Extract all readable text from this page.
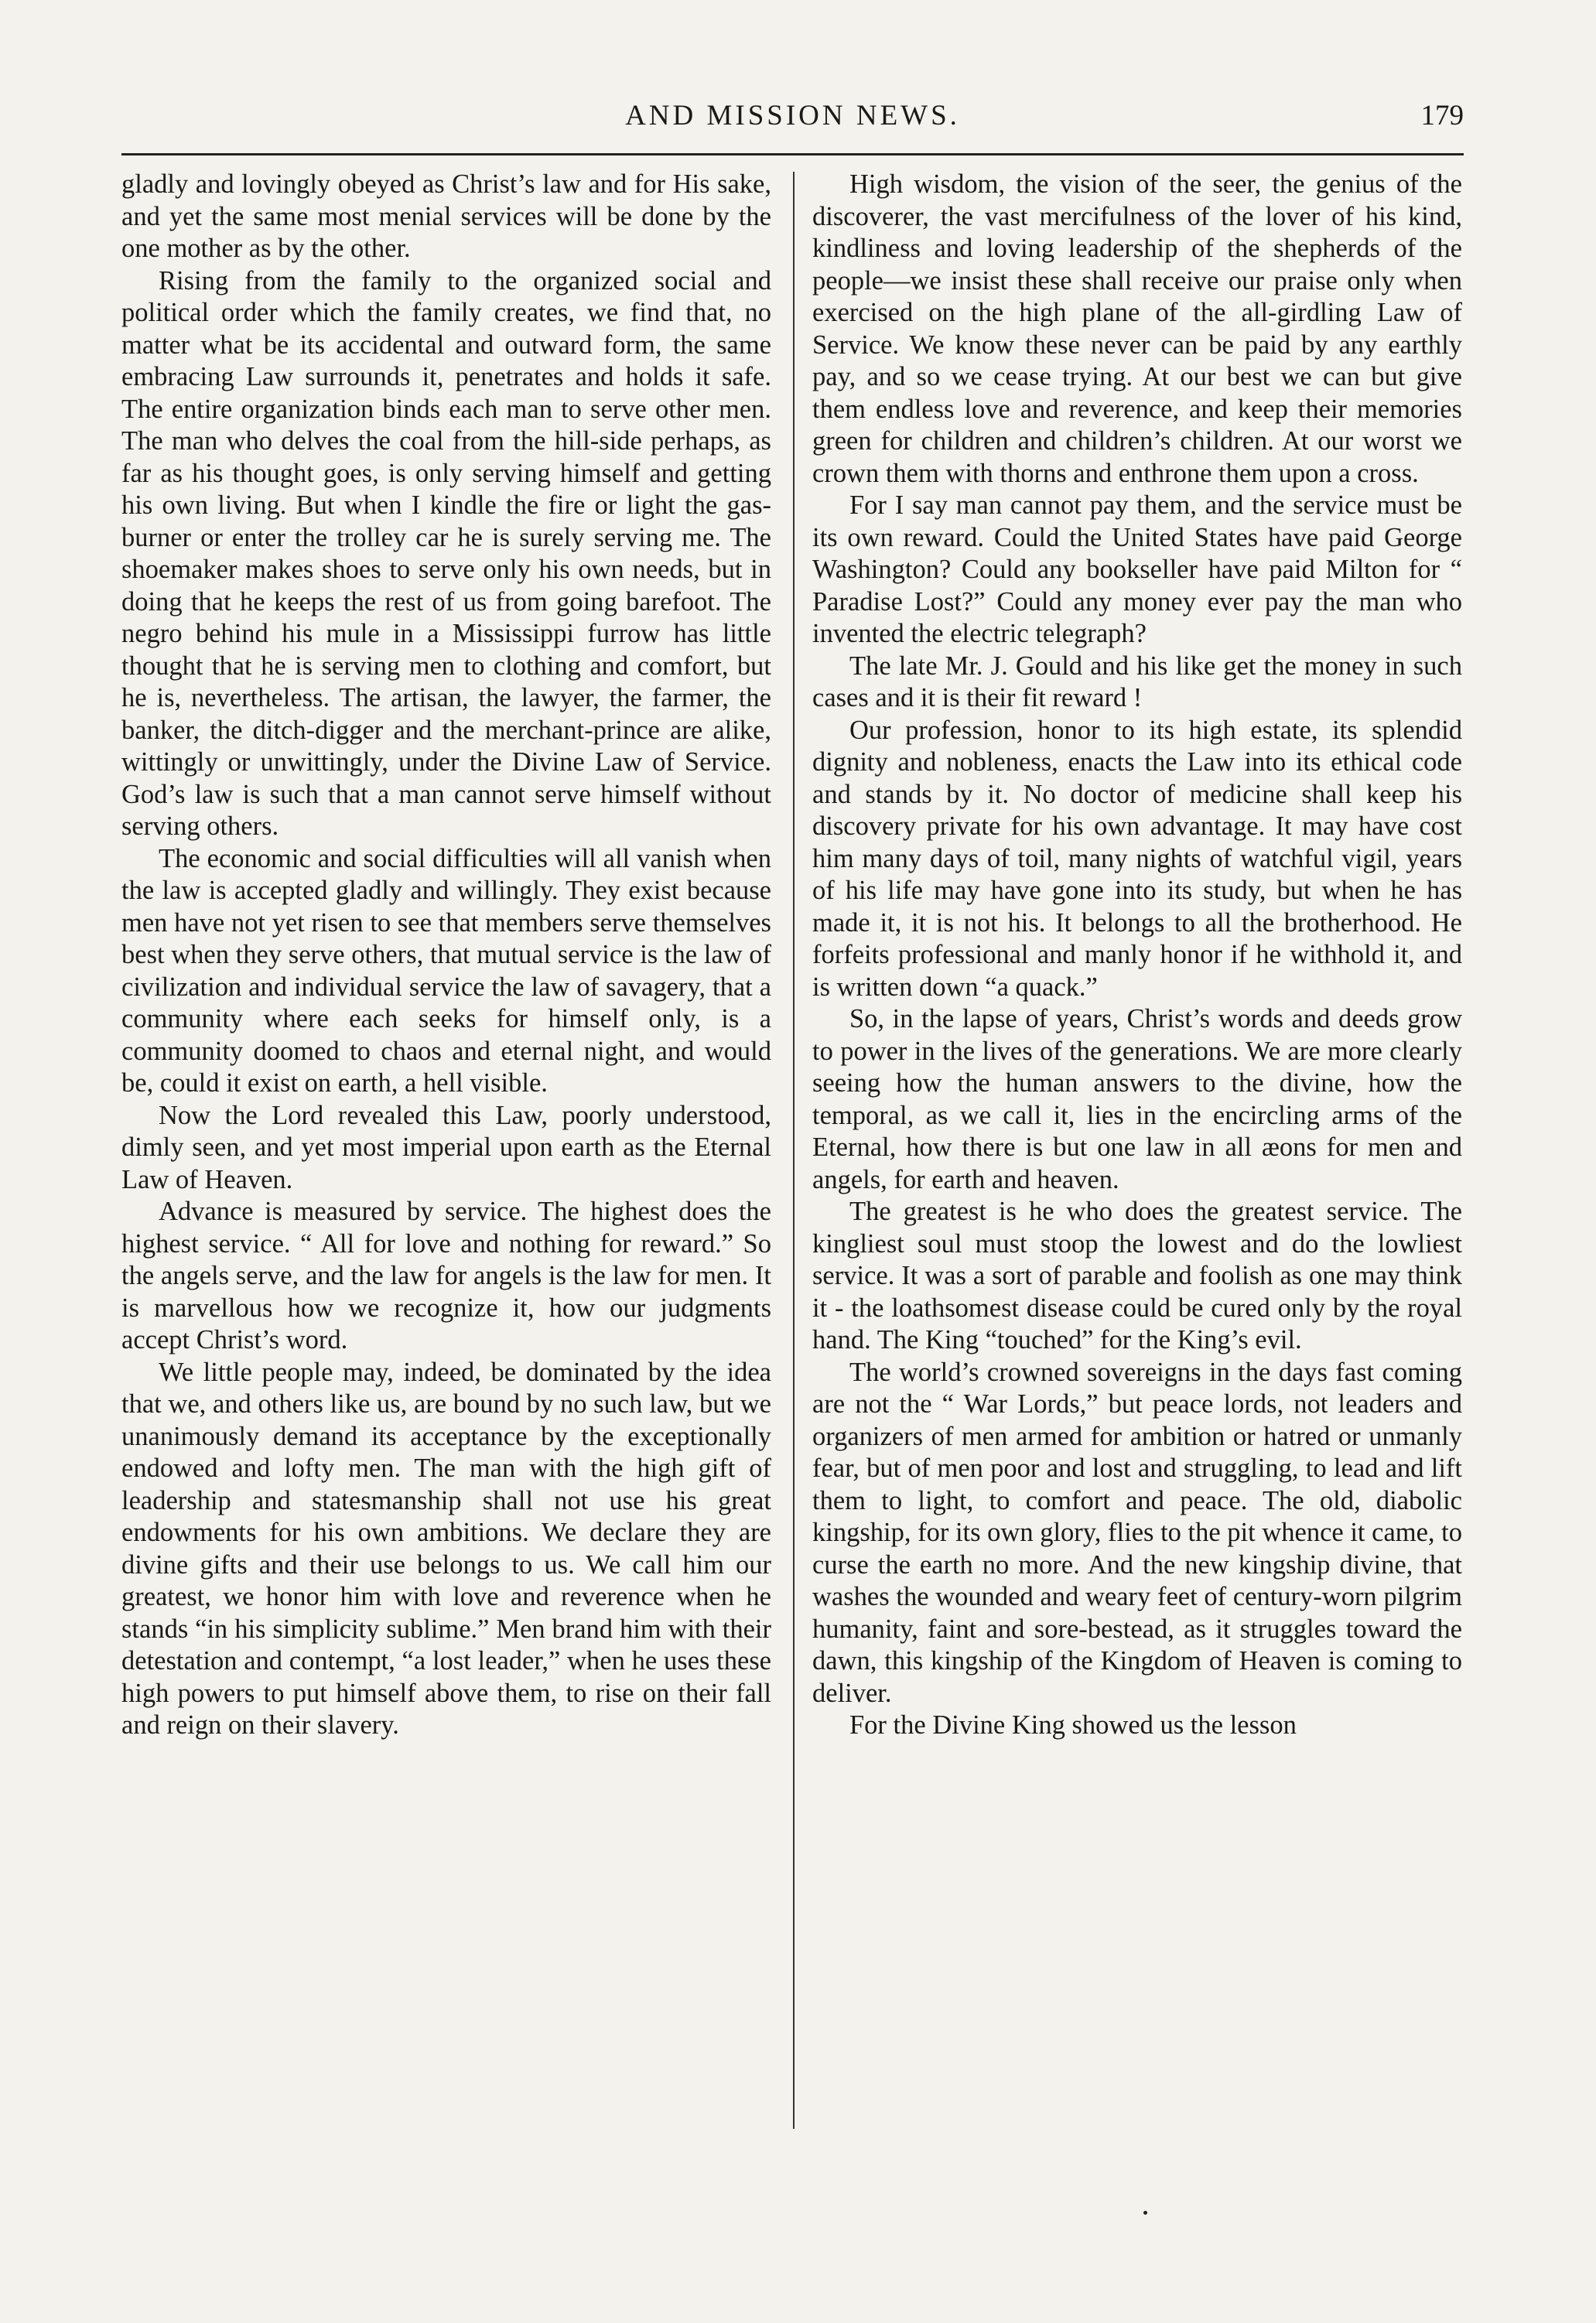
AND MISSION NEWS.	179

gladly and lovingly obeyed as Christ’s law and for His sake, and yet the same most menial services will be done by the one mother as by the other.

Rising from the family to the organized social and political order which the family creates, we find that, no matter what be its accidental and outward form, the same embracing Law surrounds it, penetrates and holds it safe. The entire organization binds each man to serve other men. The man who delves the coal from the hill-side perhaps, as far as his thought goes, is only serving himself and getting his own living. But when I kindle the fire or light the gas-burner or enter the trolley car he is surely serving me. The shoemaker makes shoes to serve only his own needs, but in doing that he keeps the rest of us from going barefoot. The negro behind his mule in a Mississippi furrow has little thought that he is serving men to clothing and comfort, but he is, nevertheless. The artisan, the lawyer, the farmer, the banker, the ditch-digger and the merchant-prince are alike, wittingly or unwittingly, under the Divine Law of Service. God’s law is such that a man cannot serve himself without serving others.

The economic and social difficulties will all vanish when the law is accepted gladly and willingly. They exist because men have not yet risen to see that members serve themselves best when they serve others, that mutual service is the law of civilization and individual service the law of savagery, that a community where each seeks for himself only, is a community doomed to chaos and eternal night, and would be, could it exist on earth, a hell visible.

Now the Lord revealed this Law, poorly understood, dimly seen, and yet most imperial upon earth as the Eternal Law of Heaven.

Advance is measured by service. The highest does the highest service. “ All for love and nothing for reward.” So the angels serve, and the law for angels is the law for men. It is marvellous how we recognize it, how our judgments accept Christ’s word.

We little people may, indeed, be dominated by the idea that we, and others like us, are bound by no such law, but we unanimously demand its acceptance by the exceptionally endowed and lofty men. The man with the high gift of leadership and statesmanship shall not use his great endowments for his own ambitions. We declare they are divine gifts and their use belongs to us. We call him our greatest, we honor him with love and reverence when he stands “in his simplicity sublime.” Men brand him with their detestation and contempt, “a lost leader,” when he uses these high powers to put himself above them, to rise on their fall and reign on their slavery.

High wisdom, the vision of the seer, the genius of the discoverer, the vast mercifulness of the lover of his kind, kindliness and loving leadership of the shepherds of the people—we insist these shall receive our praise only when exercised on the high plane of the all-girdling Law of Service. We know these never can be paid by any earthly pay, and so we cease trying. At our best we can but give them endless love and reverence, and keep their memories green for children and children’s children. At our worst we crown them with thorns and enthrone them upon a cross.

For I say man cannot pay them, and the service must be its own reward. Could the United States have paid George Washington? Could any bookseller have paid Milton for “ Paradise Lost?” Could any money ever pay the man who invented the electric telegraph?

The late Mr. J. Gould and his like get the money in such cases and it is their fit reward !

Our profession, honor to its high estate, its splendid dignity and nobleness, enacts the Law into its ethical code and stands by it. No doctor of medicine shall keep his discovery private for his own advantage. It may have cost him many days of toil, many nights of watchful vigil, years of his life may have gone into its study, but when he has made it, it is not his. It belongs to all the brotherhood. He forfeits professional and manly honor if he withhold it, and is written down “a quack.”

So, in the lapse of years, Christ’s words and deeds grow to power in the lives of the generations. We are more clearly seeing how the human answers to the divine, how the temporal, as we call it, lies in the encircling arms of the Eternal, how there is but one law in all æons for men and angels, for earth and heaven.

The greatest is he who does the greatest service. The kingliest soul must stoop the lowest and do the lowliest service. It was a sort of parable and foolish as one may think it - the loathsomest disease could be cured only by the royal hand. The King “touched” for the King’s evil.

The world’s crowned sovereigns in the days fast coming are not the “ War Lords,” but peace lords, not leaders and organizers of men armed for ambition or hatred or unmanly fear, but of men poor and lost and struggling, to lead and lift them to light, to comfort and peace. The old, diabolic kingship, for its own glory, flies to the pit whence it came, to curse the earth no more. And the new kingship divine, that washes the wounded and weary feet of century-worn pilgrim humanity, faint and sore-bestead, as it struggles toward the dawn, this kingship of the Kingdom of Heaven is coming to deliver.

For the Divine King showed us the lesson
